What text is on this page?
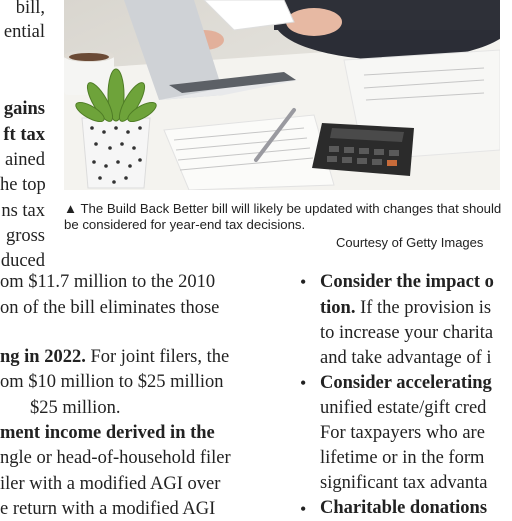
bill,
ential
gains
ft tax
ained
he top
ns tax
gross
duced
▲ The Build Back Better bill will likely be updated with changes that should be considered for year-end tax decisions.
Courtesy of Getty Images
om $11.7 million to the 2010
on of the bill eliminates those
ng in 2022. For joint filers, the
om $10 million to $25 million
$25 million.
ment income derived in the
ngle or head-of-household filer
iler with a modified AGI over
e return with a modified AGI
• Consider the impact o
tion. If the provision is
to increase your charita
and take advantage of i
• Consider accelerating
unified estate/gift cred
For taxpayers who are
lifetime or in the form
significant tax advanta
• Charitable donations
